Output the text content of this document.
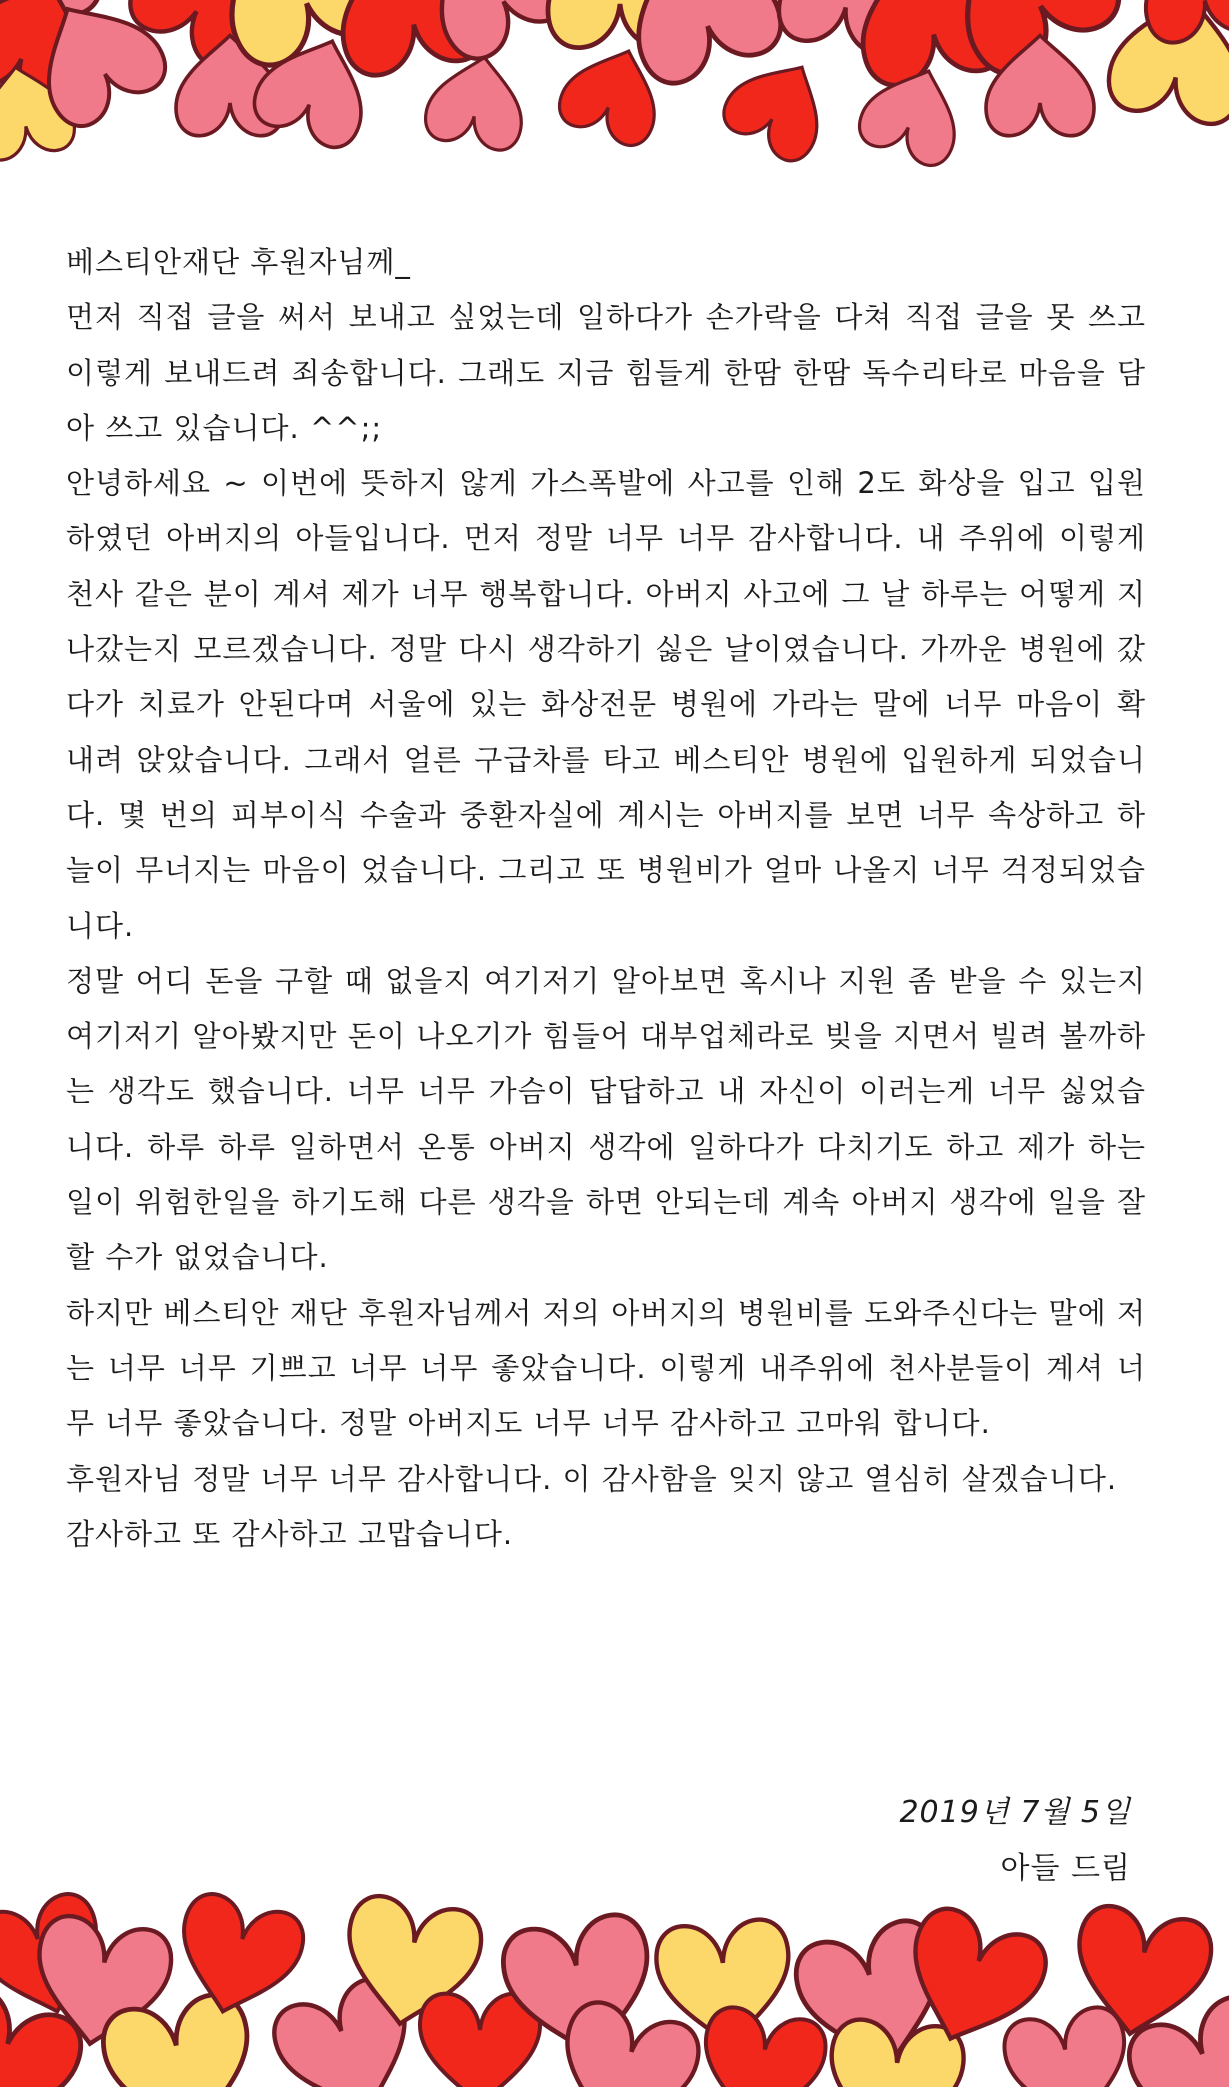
베스티안재단 후원자님께_

먼저 직접 글을 써서 보내고 싶었는데 일하다가 손가락을 다쳐 직접 글을 못 쓰고 이렇게 보내드려 죄송합니다. 그래도 지금 힘들게 한땀 한땀 독수리타로 마음을 담아 쓰고 있습니다. ^^;;

안녕하세요 ~ 이번에 뜻하지 않게 가스폭발에 사고를 인해 2도 화상을 입고 입원 하였던 아버지의 아들입니다. 먼저 정말 너무 너무 감사합니다. 내 주위에 이렇게 천사 같은 분이 계셔 제가 너무 행복합니다. 아버지 사고에 그 날 하루는 어떻게 지나갔는지 모르겠습니다. 정말 다시 생각하기 싫은 날이였습니다. 가까운 병원에 갔다가 치료가 안된다며 서울에 있는 화상전문 병원에 가라는 말에 너무 마음이 확 내려 앉았습니다. 그래서 얼른 구급차를 타고 베스티안 병원에 입원하게 되었습니다. 몇 번의 피부이식 수술과 중환자실에 계시는 아버지를 보면 너무 속상하고 하늘이 무너지는 마음이 었습니다. 그리고 또 병원비가 얼마 나올지 너무 걱정되었습니다.

정말 어디 돈을 구할 때 없을지 여기저기 알아보면 혹시나 지원 좀 받을 수 있는지 여기저기 알아봤지만 돈이 나오기가 힘들어 대부업체라로 빚을 지면서 빌려 볼까하는 생각도 했습니다. 너무 너무 가슴이 답답하고 내 자신이 이러는게 너무 싫었습니다. 하루 하루 일하면서 온통 아버지 생각에 일하다가 다치기도 하고 제가 하는 일이 위험한일을 하기도해 다른 생각을 하면 안되는데 계속 아버지 생각에 일을 잘 할 수가 없었습니다.

하지만 베스티안 재단 후원자님께서 저의 아버지의 병원비를 도와주신다는 말에 저는 너무 너무 기쁘고 너무 너무 좋았습니다. 이렇게 내주위에 천사분들이 계셔 너무 너무 좋았습니다. 정말 아버지도 너무 너무 감사하고 고마워 합니다.

후원자님 정말 너무 너무 감사합니다. 이 감사함을 잊지 않고 열심히 살겠습니다.

감사하고 또 감사하고 고맙습니다.

2019년 7월 5일
아들 드림
